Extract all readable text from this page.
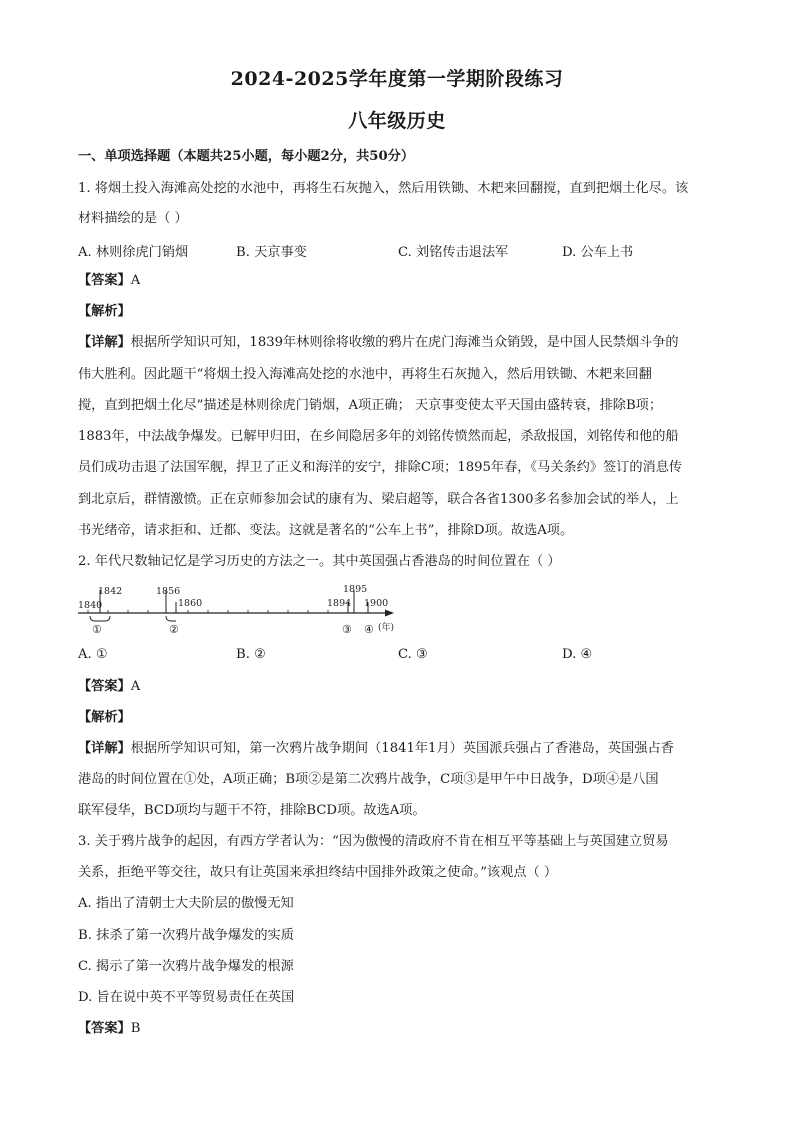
2024-2025学年度第一学期阶段练习
八年级历史
一、单项选择题（本题共25小题，每小题2分，共50分）
1. 将烟土投入海滩高处挖的水池中，再将生石灰抛入，然后用铁锄、木耙来回翻搅，直到把烟土化尽。该
材料描绘的是（ ）
A. 林则徐虎门销烟	B. 天京事变	C. 刘铭传击退法军	D. 公车上书
【答案】A
【解析】
【详解】根据所学知识可知，1839年林则徐将收缴的鸦片在虎门海滩当众销毁，是中国人民禁烟斗争的
伟大胜利。因此题干“将烟土投入海滩高处挖的水池中，再将生石灰抛入，然后用铁锄、木耙来回翻
搅，直到把烟土化尽”描述是林则徐虎门销烟，A项正确； 天京事变使太平天国由盛转衰，排除B项；
1883年，中法战争爆发。已解甲归田，在乡间隐居多年的刘铭传愤然而起，杀敌报国，刘铭传和他的船
员们成功击退了法国军舰，捍卫了正义和海洋的安宁，排除C项；1895年春，《马关条约》签订的消息传
到北京后，群情激愤。正在京师参加会试的康有为、梁启超等，联合各省1300多名参加会试的举人，上
书光绪帝，请求拒和、迁都、变法。这就是著名的“公车上书”，排除D项。故选A项。
2. 年代尺数轴记忆是学习历史的方法之一。其中英国强占香港岛的时间位置在（ ）
1840
1842	1856
1860	1894
1895
1900
①	②	③ ④ (年)
A. ①	B. ②	C. ③	D. ④
【答案】A
【解析】
【详解】根据所学知识可知，第一次鸦片战争期间（1841年1月）英国派兵强占了香港岛，英国强占香
港岛的时间位置在①处，A项正确；B项②是第二次鸦片战争，C项③是甲午中日战争，D项④是八国
联军侵华，BCD项均与题干不符，排除BCD项。故选A项。
3. 关于鸦片战争的起因，有西方学者认为：“因为傲慢的清政府不肯在相互平等基础上与英国建立贸易
关系，拒绝平等交往，故只有让英国来承担终结中国排外政策之使命。”该观点（ ）
A. 指出了清朝士大夫阶层的傲慢无知
B. 抹杀了第一次鸦片战争爆发的实质
C. 揭示了第一次鸦片战争爆发的根源
D. 旨在说中英不平等贸易责任在英国
【答案】B
